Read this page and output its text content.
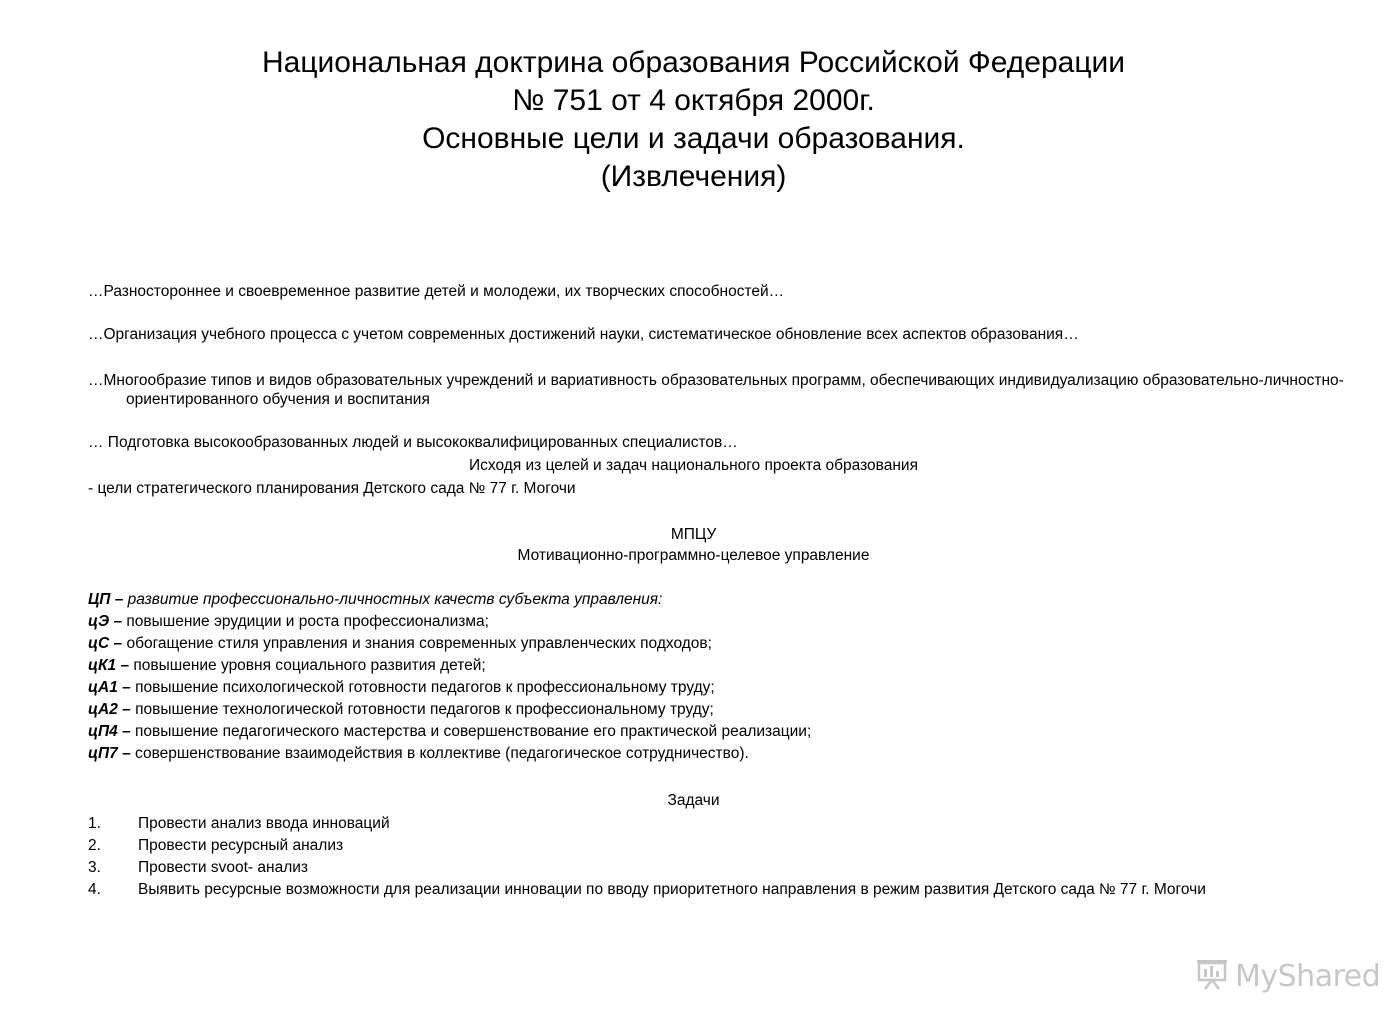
Национальная доктрина образования Российской Федерации
№ 751 от 4 октября 2000г.
Основные цели и задачи образования.
(Извлечения)
…Разностороннее и своевременное развитие детей и молодежи, их творческих способностей…
…Организация учебного процесса с учетом современных достижений науки, систематическое обновление всех аспектов образования…
…Многообразие типов и видов образовательных учреждений и вариативность образовательных программ, обеспечивающих индивидуализацию образовательно-личностно-ориентированного обучения и воспитания
… Подготовка высокообразованных людей и высококвалифицированных специалистов…
Исходя из целей и задач национального проекта образования
- цели стратегического планирования Детского сада № 77 г. Могочи
МПЦУ
Мотивационно-программно-целевое управление
ЦП – развитие профессионально-личностных качеств субъекта управления:
цЭ – повышение эрудиции и роста профессионализма;
цС – обогащение стиля управления и знания современных управленческих подходов;
цК1 – повышение уровня социального развития детей;
цА1 – повышение психологической готовности педагогов к профессиональному труду;
цА2 – повышение технологической готовности педагогов к профессиональному труду;
цП4 – повышение педагогического мастерства и совершенствование его практической реализации;
цП7 – совершенствование взаимодействия в коллективе (педагогическое сотрудничество).
Задачи
1. Провести анализ ввода инноваций
2. Провести ресурсный анализ
3. Провести svoot- анализ
4. Выявить ресурсные возможности для реализации инновации по вводу приоритетного направления в режим развития Детского сада № 77 г. Могочи
MyShared
